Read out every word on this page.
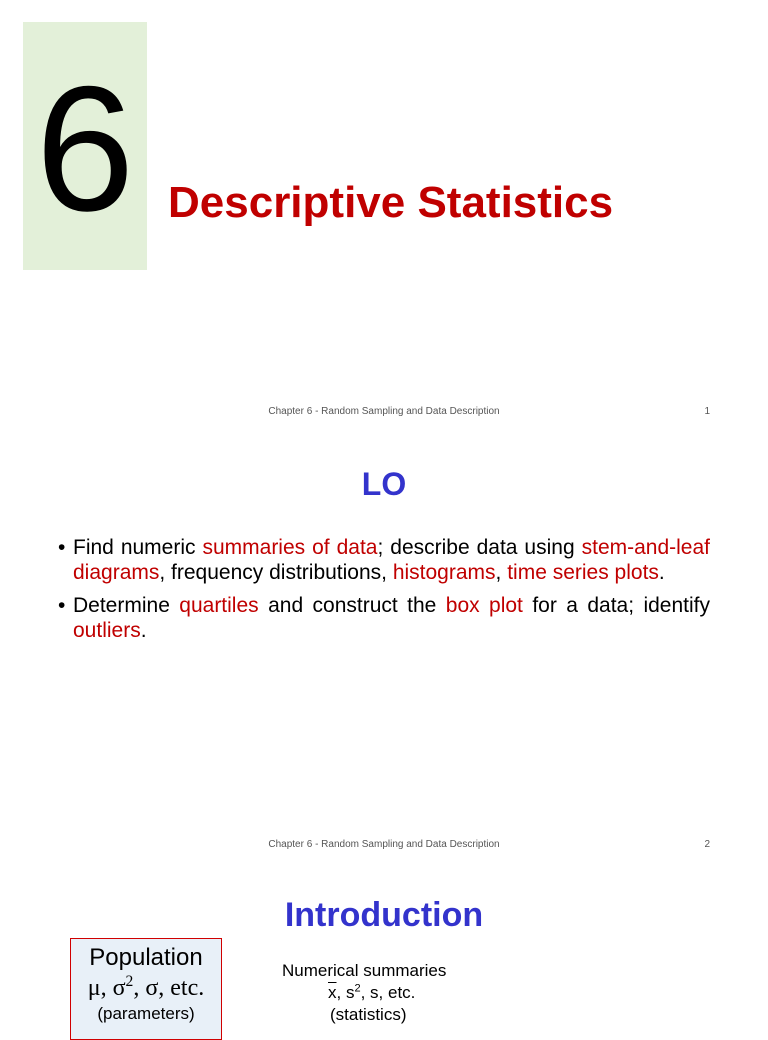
6 Descriptive Statistics
Chapter 6 - Random Sampling and Data Description	1
LO
• Find numeric summaries of data; describe data using stem-and-leaf diagrams, frequency distributions, histograms, time series plots.
• Determine quartiles and construct the box plot for a data; identify outliers.
Chapter 6 - Random Sampling and Data Description	2
Introduction
Population
μ, $\sigma^2$, σ, etc.
(parameters)
Numerical summaries
$\overline{x}$, $s^2$, s, etc.
(statistics)
